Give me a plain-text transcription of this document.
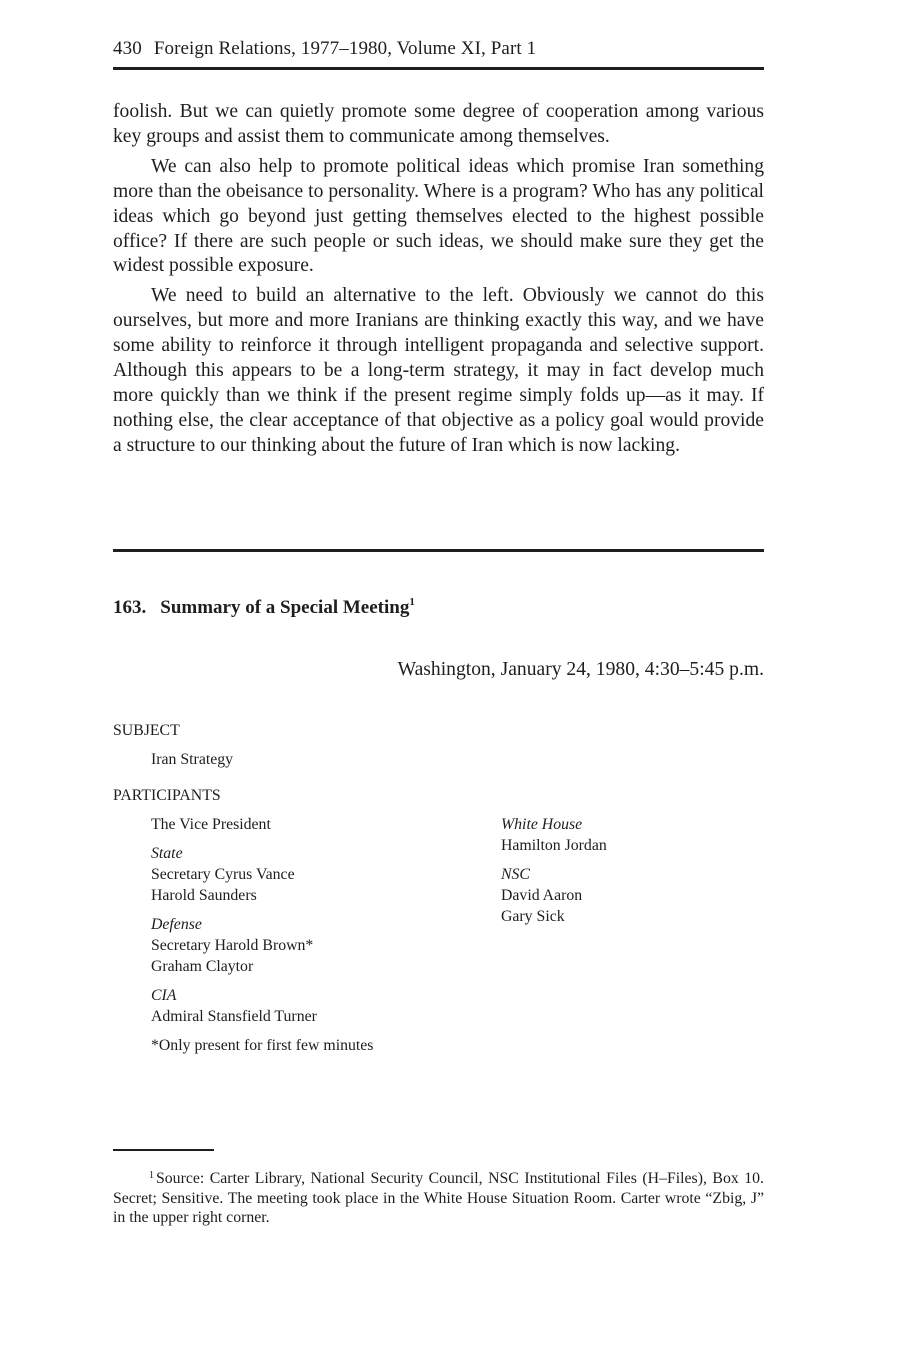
430 Foreign Relations, 1977–1980, Volume XI, Part 1

foolish. But we can quietly promote some degree of cooperation among various key groups and assist them to communicate among themselves.

We can also help to promote political ideas which promise Iran something more than the obeisance to personality. Where is a program? Who has any political ideas which go beyond just getting themselves elected to the highest possible office? If there are such people or such ideas, we should make sure they get the widest possible exposure.

We need to build an alternative to the left. Obviously we cannot do this ourselves, but more and more Iranians are thinking exactly this way, and we have some ability to reinforce it through intelligent propaganda and selective support. Although this appears to be a long-term strategy, it may in fact develop much more quickly than we think if the present regime simply folds up—as it may. If nothing else, the clear acceptance of that objective as a policy goal would provide a structure to our thinking about the future of Iran which is now lacking.

163. Summary of a Special Meeting$^1$
Washington, January 24, 1980, 4:30–5:45 p.m.
SUBJECT
Iran Strategy
PARTICIPANTS
The Vice President
State
Secretary Cyrus Vance
Harold Saunders
Defense
Secretary Harold Brown*
Graham Claytor
CIA
Admiral Stansfield Turner
*Only present for first few minutes
White House
Hamilton Jordan
NSC
David Aaron
Gary Sick
$^1$ Source: Carter Library, National Security Council, NSC Institutional Files (H–Files), Box 10. Secret; Sensitive. The meeting took place in the White House Situation Room. Carter wrote “Zbig, J” in the upper right corner.
